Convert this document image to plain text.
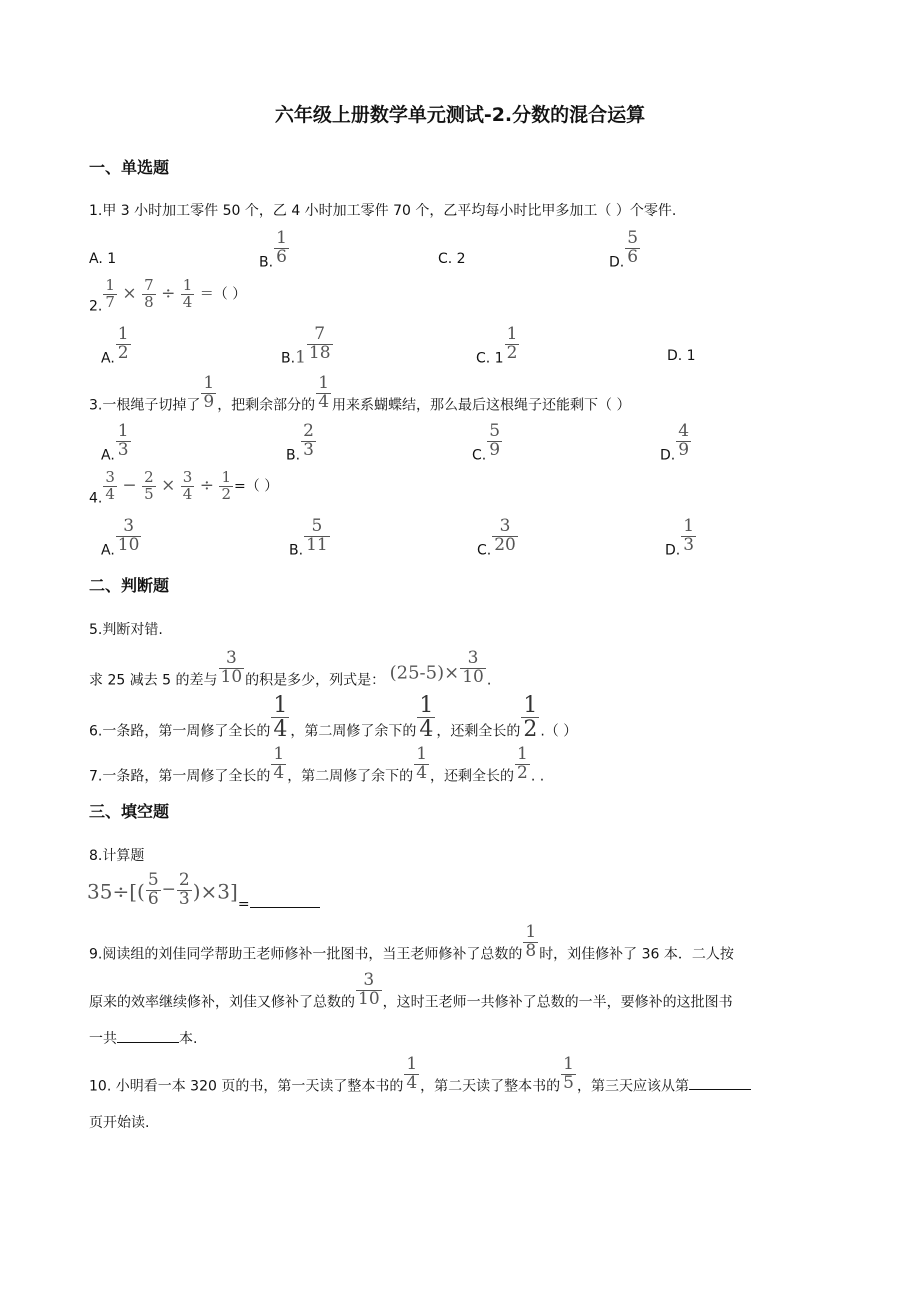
六年级上册数学单元测试-2.分数的混合运算
一、单选题
1.甲 3 小时加工零件 50 个，乙 4 小时加工零件 70 个，乙平均每小时比甲多加工（ ）个零件.
A. 1	B. $\frac{1}{6}$	C. 2	D. $\frac{5}{6}$
2. $\frac{1}{7} \times \frac{7}{8} \div \frac{1}{4}$ ＝（ ）
A. $\frac{1}{2}$	$B.1 \frac{7}{18}$	C. $1 \frac{1}{2}$	D. 1
3.一根绳子切掉了 $\frac{1}{9}$ ，把剩余部分的 $\frac{1}{4}$ 用来系蝴蝶结，那么最后这根绳子还能剩下（ ）
A. $\frac{1}{3}$	B. $\frac{2}{3}$	C. $\frac{5}{9}$	D. $\frac{4}{9}$
4. $\frac{3}{4} - \frac{2}{5} \times \frac{3}{4} \div \frac{1}{2}$ =（ ）
A. $\frac{3}{10}$	B. $\frac{5}{11}$	C. $\frac{3}{20}$	D. $\frac{1}{3}$
二、判断题
5.判断对错.
求 25 减去 5 的差与 $\frac{3}{10}$ 的积是多少，列式是： $(25-5)\times \frac{3}{10}$ .
6.一条路，第一周修了全长的 $\frac{1}{4}$ ，第二周修了余下的 $\frac{1}{4}$ ，还剩全长的 $\frac{1}{2}$ .（ ）
7.一条路，第一周修了全长的 $\frac{1}{4}$ ，第二周修了余下的 $\frac{1}{4}$ ，还剩全长的 $\frac{1}{2}$ . .
三、填空题
8.计算题
$35\div[( \frac{5}{6} - \frac{2}{3} )\times 3]=$
9.阅读组的刘佳同学帮助王老师修补一批图书，当王老师修补了总数的 $\frac{1}{8}$ 时，刘佳修补了 36 本．二人按
原来的效率继续修补，刘佳又修补了总数的 $\frac{3}{10}$ ，这时王老师一共修补了总数的一半，要修补的这批图书
一共	本.
10. 小明看一本 320 页的书，第一天读了整本书的 $\frac{1}{4}$ ，第二天读了整本书的 $\frac{1}{5}$ ，第三天应该从第
页开始读.
